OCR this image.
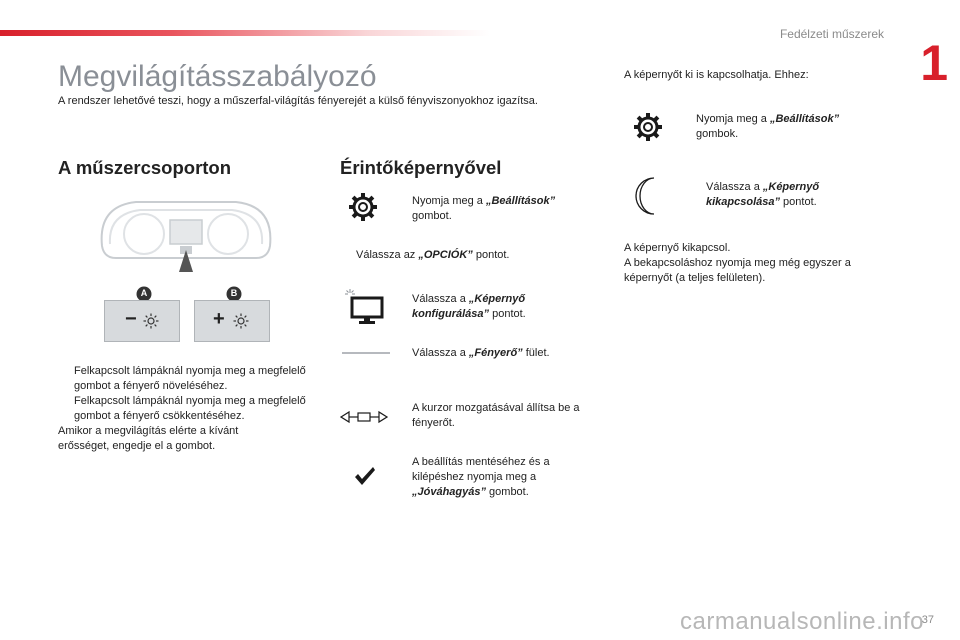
Fedélzeti műszerek
1
Megvilágításszabályozó

A rendszer lehetővé teszi, hogy a műszerfal-világítás fényerejét a külső fényviszonyokhoz igazítsa.

A műszercsoporton
A	B
−	+
Felkapcsolt lámpáknál nyomja meg a megfelelő gombot a fényerő növeléséhez.
Felkapcsolt lámpáknál nyomja meg a megfelelő gombot a fényerő csökkentéséhez.

Amikor a megvilágítás elérte a kívánt

erősséget, engedje el a gombot.

Érintőképernyővel
Nyomja meg a „Beállítások”
gombot.
Válassza az „OPCIÓK” pontot.
Válassza a „Képernyő konfigurálása” pontot.
Válassza a „Fényerő” fület.
A kurzor mozgatásával állítsa be a fényerőt.
A beállítás mentéséhez és a kilépéshez nyomja meg a „Jóváhagyás” gombot.

A képernyőt ki is kapcsolhatja. Ehhez:

Nyomja meg a „Beállítások”
gombok.
Válassza a „Képernyő kikapcsolása” pontot.

A képernyő kikapcsol.

A bekapcsoláshoz nyomja meg még egyszer a képernyőt (a teljes felületen).

carmanualsonline.info
37
